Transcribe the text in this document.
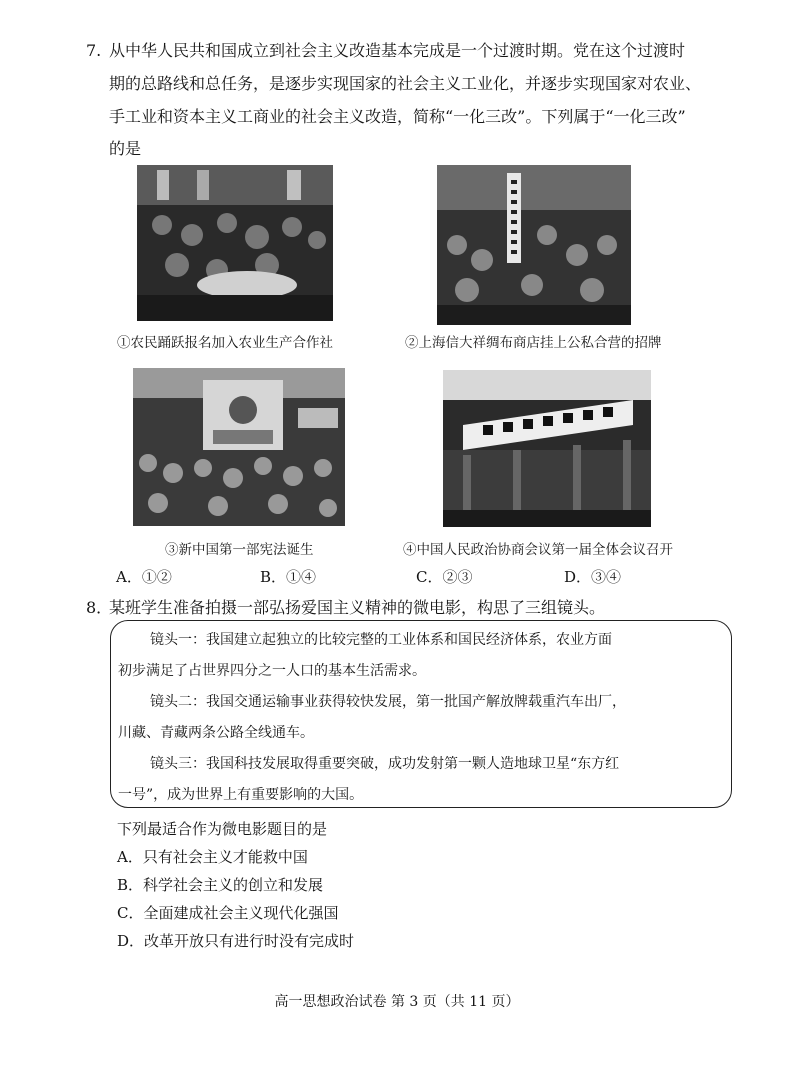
7. 从中华人民共和国成立到社会主义改造基本完成是一个过渡时期。党在这个过渡时
期的总路线和总任务，是逐步实现国家的社会主义工业化，并逐步实现国家对农业、
手工业和资本主义工商业的社会主义改造，简称“一化三改”。下列属于“一化三改”
的是
①农民踊跃报名加入农业生产合作社	②上海信大祥绸布商店挂上公私合营的招牌
③新中国第一部宪法诞生	④中国人民政治协商会议第一届全体会议召开
A．①②	B．①④	C．②③	D．③④
8．
某班学生准备拍摄一部弘扬爱国主义精神的微电影，构思了三组镜头。
镜头一：我国建立起独立的比较完整的工业体系和国民经济体系，农业方面
初步满足了占世界四分之一人口的基本生活需求。
镜头二：我国交通运输事业获得较快发展，第一批国产解放牌载重汽车出厂，
川藏、青藏两条公路全线通车。
镜头三：我国科技发展取得重要突破，成功发射第一颗人造地球卫星“东方红
一号”，成为世界上有重要影响的大国。
下列最适合作为微电影题目的是
A．只有社会主义才能救中国
B．科学社会主义的创立和发展
C．全面建成社会主义现代化强国
D．改革开放只有进行时没有完成时
高一思想政治试卷 第 3 页（共 11 页）
